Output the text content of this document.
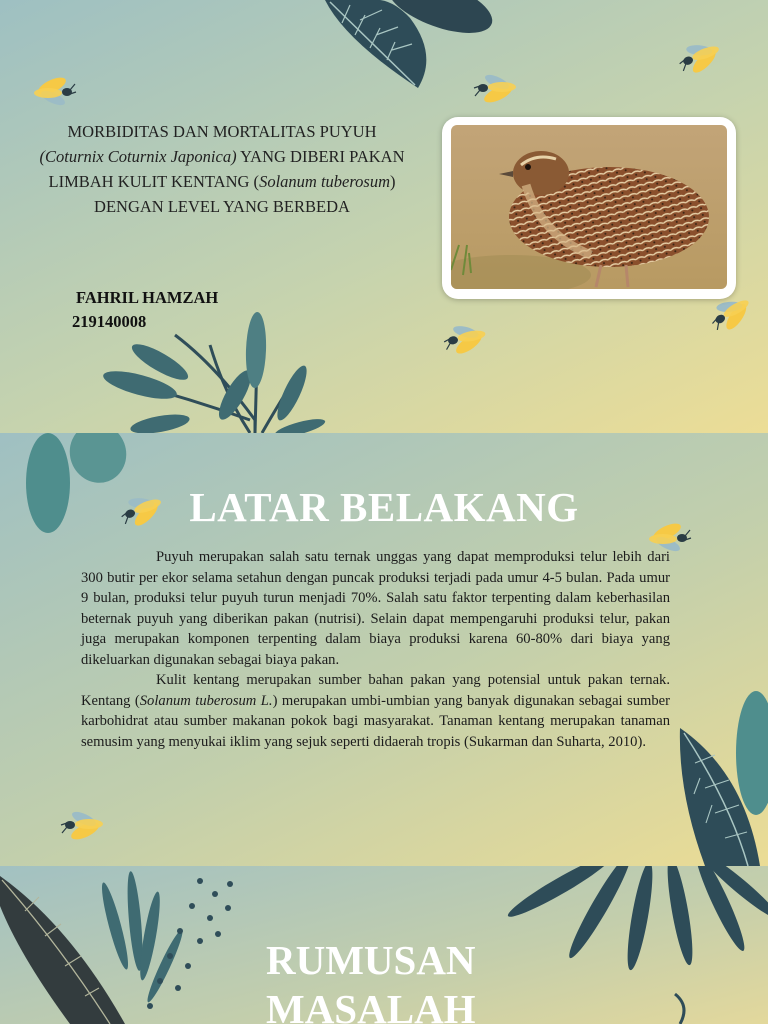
MORBIDITAS DAN MORTALITAS PUYUH
(Coturnix Coturnix Japonica) YANG DIBERI PAKAN LIMBAH KULIT KENTANG (Solanum tuberosum) DENGAN LEVEL YANG BERBEDA
FAHRIL HAMZAH
219140008
LATAR BELAKANG

Puyuh merupakan salah satu ternak unggas yang dapat memproduksi telur lebih dari 300 butir per ekor selama setahun dengan puncak produksi terjadi pada umur 4-5 bulan. Pada umur 9 bulan, produksi telur puyuh turun menjadi 70%. Salah satu faktor terpenting dalam keberhasilan beternak puyuh yang diberikan pakan (nutrisi). Selain dapat mempengaruhi produksi telur, pakan juga merupakan komponen terpenting dalam biaya produksi karena 60-80% dari biaya yang dikeluarkan digunakan sebagai biaya pakan.

Kulit kentang merupakan sumber bahan pakan yang potensial untuk pakan ternak. Kentang (Solanum tuberosum L.) merupakan umbi-umbian yang banyak digunakan sebagai sumber karbohidrat atau sumber makanan pokok bagi masyarakat. Tanaman kentang merupakan tanaman semusim yang menyukai iklim yang sejuk seperti didaerah tropis (Sukarman dan Suharta, 2010).

RUMUSAN
MASALAH
